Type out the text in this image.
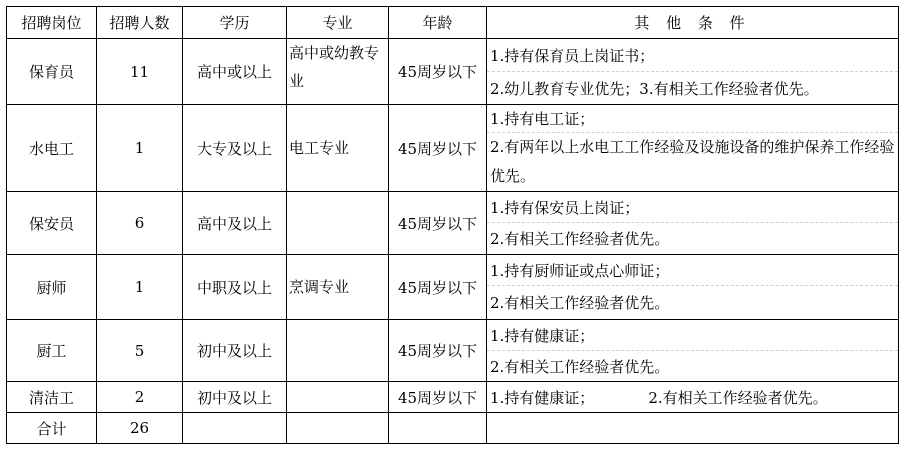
招聘岗位	招聘人数	学历	专业	年龄	其 他 条 件
保育员	11	高中或以上	高中或幼教专业	45周岁以下	1.持有保育员上岗证书；
					2.幼儿教育专业优先；3.有相关工作经验者优先。
水电工	1	大专及以上	电工专业	45周岁以下	1.持有电工证；
					2.有两年以上水电工工作经验及设施设备的维护保养工作经验优先。
保安员	6	高中及以上		45周岁以下	1.持有保安员上岗证；
					2.有相关工作经验者优先。
厨师	1	中职及以上	烹调专业	45周岁以下	1.持有厨师证或点心师证；
					2.有相关工作经验者优先。
厨工	5	初中及以上		45周岁以下	1.持有健康证；
					2.有相关工作经验者优先。
清洁工	2	初中及以上		45周岁以下	1.持有健康证； 2.有相关工作经验者优先。
合计	26				
